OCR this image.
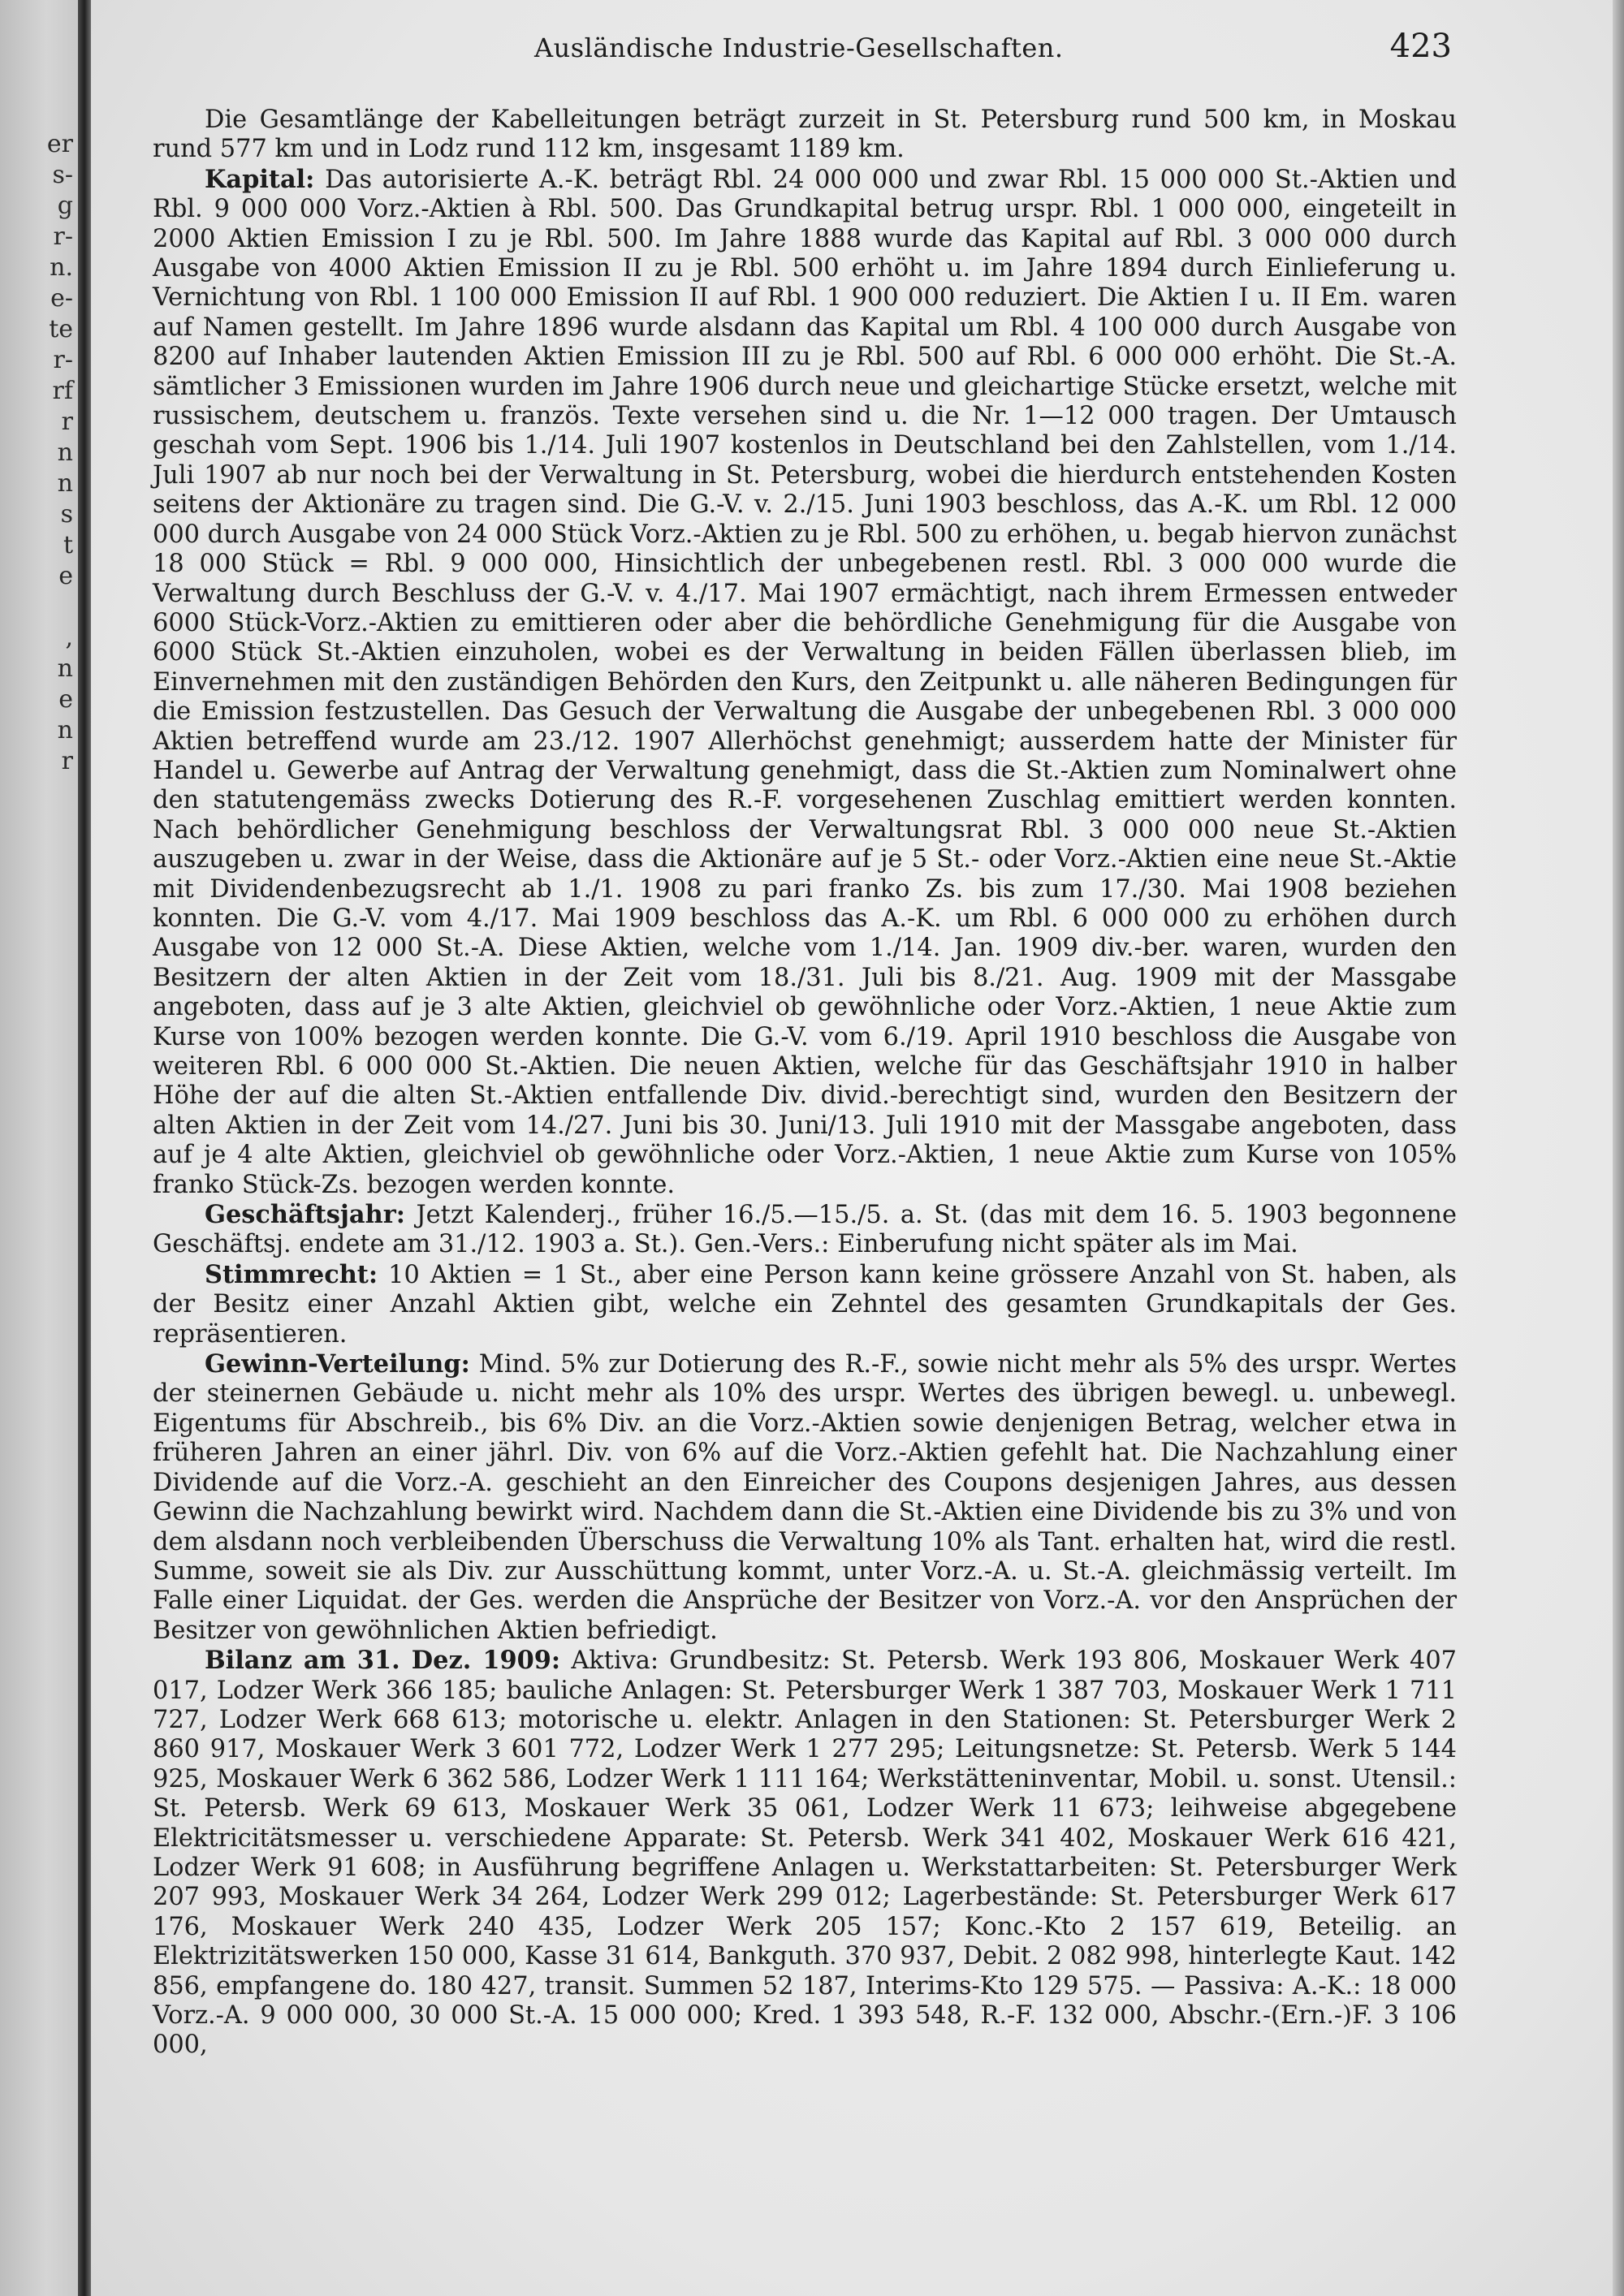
er
s-
g
r-
n.
e-
te
r-
rf
r
n
n
s
t
e
,
n
e
n
r
Ausländische Industrie-Gesellschaften.	423

Die Gesamtlänge der Kabelleitungen beträgt zurzeit in St. Petersburg rund 500 km, in Moskau rund 577 km und in Lodz rund 112 km, insgesamt 1189 km.

Kapital: Das autorisierte A.-K. beträgt Rbl. 24 000 000 und zwar Rbl. 15 000 000 St.-Aktien und Rbl. 9 000 000 Vorz.-Aktien à Rbl. 500. Das Grundkapital betrug urspr. Rbl. 1 000 000, eingeteilt in 2000 Aktien Emission I zu je Rbl. 500. Im Jahre 1888 wurde das Kapital auf Rbl. 3 000 000 durch Ausgabe von 4000 Aktien Emission II zu je Rbl. 500 erhöht u. im Jahre 1894 durch Einlieferung u. Vernichtung von Rbl. 1 100 000 Emission II auf Rbl. 1 900 000 reduziert. Die Aktien I u. II Em. waren auf Namen gestellt. Im Jahre 1896 wurde alsdann das Kapital um Rbl. 4 100 000 durch Ausgabe von 8200 auf Inhaber lautenden Aktien Emission III zu je Rbl. 500 auf Rbl. 6 000 000 erhöht. Die St.-A. sämtlicher 3 Emissionen wurden im Jahre 1906 durch neue und gleichartige Stücke ersetzt, welche mit russischem, deutschem u. französ. Texte versehen sind u. die Nr. 1—12 000 tragen. Der Umtausch geschah vom Sept. 1906 bis 1./14. Juli 1907 kostenlos in Deutschland bei den Zahlstellen, vom 1./14. Juli 1907 ab nur noch bei der Verwaltung in St. Petersburg, wobei die hierdurch entstehenden Kosten seitens der Aktionäre zu tragen sind. Die G.-V. v. 2./15. Juni 1903 beschloss, das A.-K. um Rbl. 12 000 000 durch Ausgabe von 24 000 Stück Vorz.-Aktien zu je Rbl. 500 zu erhöhen, u. begab hiervon zunächst 18 000 Stück = Rbl. 9 000 000, Hinsichtlich der unbegebenen restl. Rbl. 3 000 000 wurde die Verwaltung durch Beschluss der G.-V. v. 4./17. Mai 1907 ermächtigt, nach ihrem Ermessen entweder 6000 Stück-Vorz.-Aktien zu emittieren oder aber die behördliche Genehmigung für die Ausgabe von 6000 Stück St.-Aktien einzuholen, wobei es der Verwaltung in beiden Fällen überlassen blieb, im Einvernehmen mit den zuständigen Behörden den Kurs, den Zeitpunkt u. alle näheren Bedingungen für die Emission festzustellen. Das Gesuch der Verwaltung die Ausgabe der unbegebenen Rbl. 3 000 000 Aktien betreffend wurde am 23./12. 1907 Allerhöchst genehmigt; ausserdem hatte der Minister für Handel u. Gewerbe auf Antrag der Verwaltung genehmigt, dass die St.-Aktien zum Nominalwert ohne den statutengemäss zwecks Dotierung des R.-F. vorgesehenen Zuschlag emittiert werden konnten. Nach behördlicher Genehmigung beschloss der Verwaltungsrat Rbl. 3 000 000 neue St.-Aktien auszugeben u. zwar in der Weise, dass die Aktionäre auf je 5 St.- oder Vorz.-Aktien eine neue St.-Aktie mit Dividendenbezugsrecht ab 1./1. 1908 zu pari franko Zs. bis zum 17./30. Mai 1908 beziehen konnten. Die G.-V. vom 4./17. Mai 1909 beschloss das A.-K. um Rbl. 6 000 000 zu erhöhen durch Ausgabe von 12 000 St.-A. Diese Aktien, welche vom 1./14. Jan. 1909 div.-ber. waren, wurden den Besitzern der alten Aktien in der Zeit vom 18./31. Juli bis 8./21. Aug. 1909 mit der Massgabe angeboten, dass auf je 3 alte Aktien, gleichviel ob gewöhnliche oder Vorz.-Aktien, 1 neue Aktie zum Kurse von 100% bezogen werden konnte. Die G.-V. vom 6./19. April 1910 beschloss die Ausgabe von weiteren Rbl. 6 000 000 St.-Aktien. Die neuen Aktien, welche für das Geschäftsjahr 1910 in halber Höhe der auf die alten St.-Aktien entfallende Div. divid.-berechtigt sind, wurden den Besitzern der alten Aktien in der Zeit vom 14./27. Juni bis 30. Juni/13. Juli 1910 mit der Massgabe angeboten, dass auf je 4 alte Aktien, gleichviel ob gewöhnliche oder Vorz.-Aktien, 1 neue Aktie zum Kurse von 105% franko Stück-Zs. bezogen werden konnte.

Geschäftsjahr: Jetzt Kalenderj., früher 16./5.—15./5. a. St. (das mit dem 16. 5. 1903 begonnene Geschäftsj. endete am 31./12. 1903 a. St.). Gen.-Vers.: Einberufung nicht später als im Mai.

Stimmrecht: 10 Aktien = 1 St., aber eine Person kann keine grössere Anzahl von St. haben, als der Besitz einer Anzahl Aktien gibt, welche ein Zehntel des gesamten Grundkapitals der Ges. repräsentieren.

Gewinn-Verteilung: Mind. 5% zur Dotierung des R.-F., sowie nicht mehr als 5% des urspr. Wertes der steinernen Gebäude u. nicht mehr als 10% des urspr. Wertes des übrigen bewegl. u. unbewegl. Eigentums für Abschreib., bis 6% Div. an die Vorz.-Aktien sowie denjenigen Betrag, welcher etwa in früheren Jahren an einer jährl. Div. von 6% auf die Vorz.-Aktien gefehlt hat. Die Nachzahlung einer Dividende auf die Vorz.-A. geschieht an den Einreicher des Coupons desjenigen Jahres, aus dessen Gewinn die Nachzahlung bewirkt wird. Nachdem dann die St.-Aktien eine Dividende bis zu 3% und von dem alsdann noch verbleibenden Überschuss die Verwaltung 10% als Tant. erhalten hat, wird die restl. Summe, soweit sie als Div. zur Ausschüttung kommt, unter Vorz.-A. u. St.-A. gleichmässig verteilt. Im Falle einer Liquidat. der Ges. werden die Ansprüche der Besitzer von Vorz.-A. vor den Ansprüchen der Besitzer von gewöhnlichen Aktien befriedigt.

Bilanz am 31. Dez. 1909: Aktiva: Grundbesitz: St. Petersb. Werk 193 806, Moskauer Werk 407 017, Lodzer Werk 366 185; bauliche Anlagen: St. Petersburger Werk 1 387 703, Moskauer Werk 1 711 727, Lodzer Werk 668 613; motorische u. elektr. Anlagen in den Stationen: St. Petersburger Werk 2 860 917, Moskauer Werk 3 601 772, Lodzer Werk 1 277 295; Leitungsnetze: St. Petersb. Werk 5 144 925, Moskauer Werk 6 362 586, Lodzer Werk 1 111 164; Werkstätteninventar, Mobil. u. sonst. Utensil.: St. Petersb. Werk 69 613, Moskauer Werk 35 061, Lodzer Werk 11 673; leihweise abgegebene Elektricitätsmesser u. verschiedene Apparate: St. Petersb. Werk 341 402, Moskauer Werk 616 421, Lodzer Werk 91 608; in Ausführung begriffene Anlagen u. Werkstattarbeiten: St. Petersburger Werk 207 993, Moskauer Werk 34 264, Lodzer Werk 299 012; Lagerbestände: St. Petersburger Werk 617 176, Moskauer Werk 240 435, Lodzer Werk 205 157; Konc.-Kto 2 157 619, Beteilig. an Elektrizitätswerken 150 000, Kasse 31 614, Bankguth. 370 937, Debit. 2 082 998, hinterlegte Kaut. 142 856, empfangene do. 180 427, transit. Summen 52 187, Interims-Kto 129 575. — Passiva: A.-K.: 18 000 Vorz.-A. 9 000 000, 30 000 St.-A. 15 000 000; Kred. 1 393 548, R.-F. 132 000, Abschr.-(Ern.-)F. 3 106 000,
